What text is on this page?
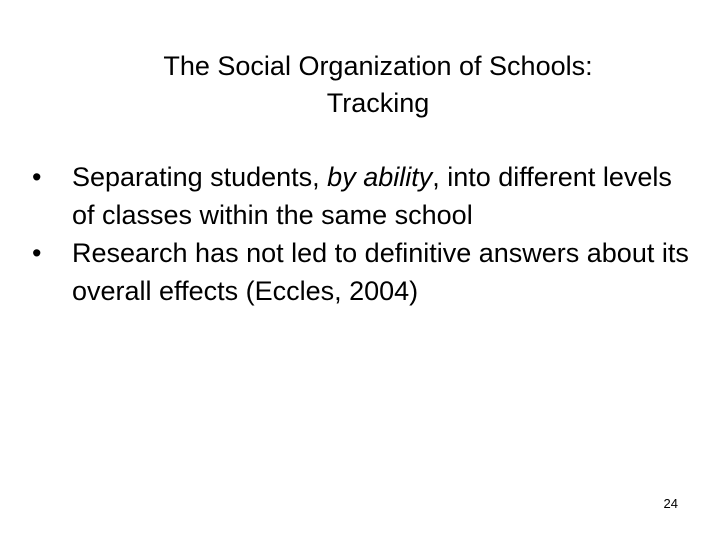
The Social Organization of Schools:
Tracking
•	Separating students, by ability, into different levels of classes within the same school
•	Research has not led to definitive answers about its overall effects (Eccles, 2004)
24
